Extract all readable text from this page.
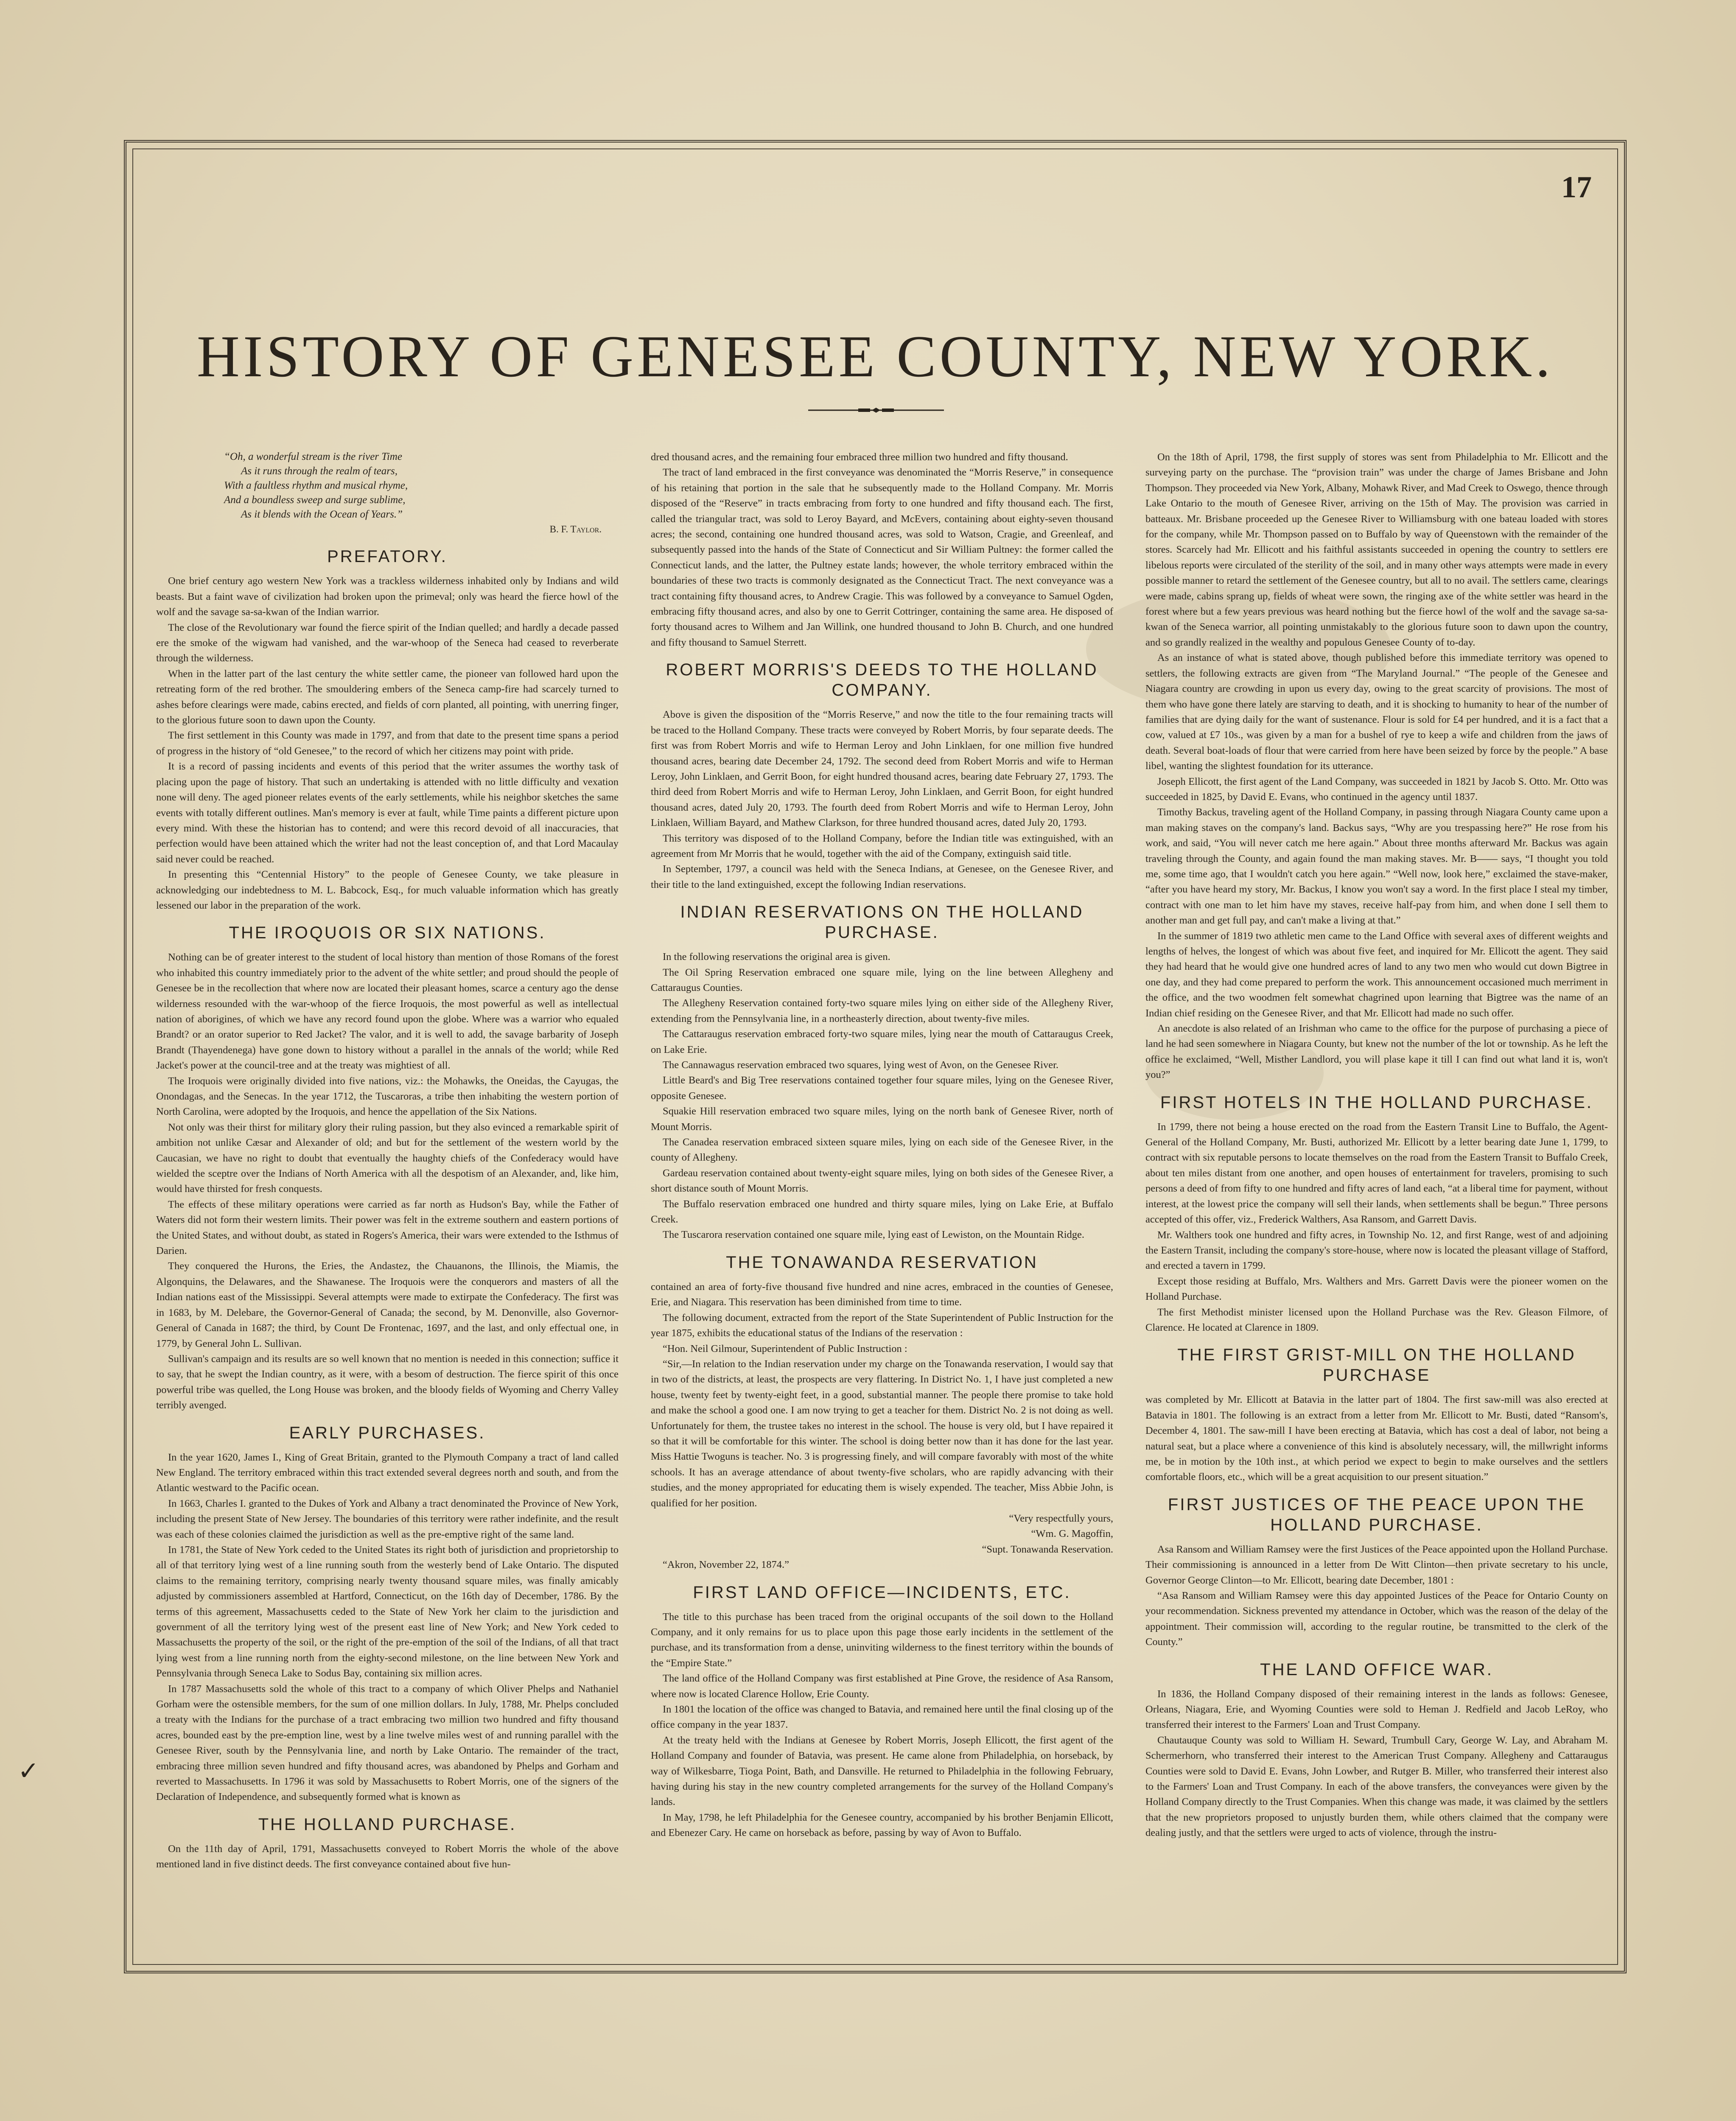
✓
17
HISTORY OF GENESEE COUNTY, NEW YORK.
“Oh, a wonderful stream is the river Time
As it runs through the realm of tears,
With a faultless rhythm and musical rhyme,
And a boundless sweep and surge sublime,
As it blends with the Ocean of Years.”
B. F. Taylor.
PREFATORY.

One brief century ago western New York was a trackless wilderness inhabited only by Indians and wild beasts. But a faint wave of civilization had broken upon the primeval; only was heard the fierce howl of the wolf and the savage sa-sa-kwan of the Indian warrior.

The close of the Revolutionary war found the fierce spirit of the Indian quelled; and hardly a decade passed ere the smoke of the wigwam had vanished, and the war-whoop of the Seneca had ceased to reverberate through the wilderness.

When in the latter part of the last century the white settler came, the pioneer van followed hard upon the retreating form of the red brother. The smouldering embers of the Seneca camp-fire had scarcely turned to ashes before clearings were made, cabins erected, and fields of corn planted, all pointing, with unerring finger, to the glorious future soon to dawn upon the County.

The first settlement in this County was made in 1797, and from that date to the present time spans a period of progress in the history of “old Genesee,” to the record of which her citizens may point with pride.

It is a record of passing incidents and events of this period that the writer assumes the worthy task of placing upon the page of history. That such an undertaking is attended with no little difficulty and vexation none will deny. The aged pioneer relates events of the early settlements, while his neighbor sketches the same events with totally different outlines. Man's memory is ever at fault, while Time paints a different picture upon every mind. With these the historian has to contend; and were this record devoid of all inaccuracies, that perfection would have been attained which the writer had not the least conception of, and that Lord Macaulay said never could be reached.

In presenting this “Centennial History” to the people of Genesee County, we take pleasure in acknowledging our indebtedness to M. L. Babcock, Esq., for much valuable information which has greatly lessened our labor in the preparation of the work.

THE IROQUOIS OR SIX NATIONS.

Nothing can be of greater interest to the student of local history than mention of those Romans of the forest who inhabited this country immediately prior to the advent of the white settler; and proud should the people of Genesee be in the recollection that where now are located their pleasant homes, scarce a century ago the dense wilderness resounded with the war-whoop of the fierce Iroquois, the most powerful as well as intellectual nation of aborigines, of which we have any record found upon the globe. Where was a warrior who equaled Brandt? or an orator superior to Red Jacket? The valor, and it is well to add, the savage barbarity of Joseph Brandt (Thayendenega) have gone down to history without a parallel in the annals of the world; while Red Jacket's power at the council-tree and at the treaty was mightiest of all.

The Iroquois were originally divided into five nations, viz.: the Mohawks, the Oneidas, the Cayugas, the Onondagas, and the Senecas. In the year 1712, the Tuscaroras, a tribe then inhabiting the western portion of North Carolina, were adopted by the Iroquois, and hence the appellation of the Six Nations.

Not only was their thirst for military glory their ruling passion, but they also evinced a remarkable spirit of ambition not unlike Cæsar and Alexander of old; and but for the settlement of the western world by the Caucasian, we have no right to doubt that eventually the haughty chiefs of the Confederacy would have wielded the sceptre over the Indians of North America with all the despotism of an Alexander, and, like him, would have thirsted for fresh conquests.

The effects of these military operations were carried as far north as Hudson's Bay, while the Father of Waters did not form their western limits. Their power was felt in the extreme southern and eastern portions of the United States, and without doubt, as stated in Rogers's America, their wars were extended to the Isthmus of Darien.

They conquered the Hurons, the Eries, the Andastez, the Chauanons, the Illinois, the Miamis, the Algonquins, the Delawares, and the Shawanese. The Iroquois were the conquerors and masters of all the Indian nations east of the Mississippi. Several attempts were made to extirpate the Confederacy. The first was in 1683, by M. Delebare, the Governor-General of Canada; the second, by M. Denonville, also Governor-General of Canada in 1687; the third, by Count De Frontenac, 1697, and the last, and only effectual one, in 1779, by General John L. Sullivan.

Sullivan's campaign and its results are so well known that no mention is needed in this connection; suffice it to say, that he swept the Indian country, as it were, with a besom of destruction. The fierce spirit of this once powerful tribe was quelled, the Long House was broken, and the bloody fields of Wyoming and Cherry Valley terribly avenged.

EARLY PURCHASES.

In the year 1620, James I., King of Great Britain, granted to the Plymouth Company a tract of land called New England. The territory embraced within this tract extended several degrees north and south, and from the Atlantic westward to the Pacific ocean.

In 1663, Charles I. granted to the Dukes of York and Albany a tract denominated the Province of New York, including the present State of New Jersey. The boundaries of this territory were rather indefinite, and the result was each of these colonies claimed the jurisdiction as well as the pre-emptive right of the same land.

In 1781, the State of New York ceded to the United States its right both of jurisdiction and proprietorship to all of that territory lying west of a line running south from the westerly bend of Lake Ontario. The disputed claims to the remaining territory, comprising nearly twenty thousand square miles, was finally amicably adjusted by commissioners assembled at Hartford, Connecticut, on the 16th day of December, 1786. By the terms of this agreement, Massachusetts ceded to the State of New York her claim to the jurisdiction and government of all the territory lying west of the present east line of New York; and New York ceded to Massachusetts the property of the soil, or the right of the pre-emption of the soil of the Indians, of all that tract lying west from a line running north from the eighty-second milestone, on the line between New York and Pennsylvania through Seneca Lake to Sodus Bay, containing six million acres.

In 1787 Massachusetts sold the whole of this tract to a company of which Oliver Phelps and Nathaniel Gorham were the ostensible members, for the sum of one million dollars. In July, 1788, Mr. Phelps concluded a treaty with the Indians for the purchase of a tract embracing two million two hundred and fifty thousand acres, bounded east by the pre-emption line, west by a line twelve miles west of and running parallel with the Genesee River, south by the Pennsylvania line, and north by Lake Ontario. The remainder of the tract, embracing three million seven hundred and fifty thousand acres, was abandoned by Phelps and Gorham and reverted to Massachusetts. In 1796 it was sold by Massachusetts to Robert Morris, one of the signers of the Declaration of Independence, and subsequently formed what is known as

THE HOLLAND PURCHASE.

On the 11th day of April, 1791, Massachusetts conveyed to Robert Morris the whole of the above mentioned land in five distinct deeds. The first conveyance contained about five hun-

dred thousand acres, and the remaining four embraced three million two hundred and fifty thousand.

The tract of land embraced in the first conveyance was denominated the “Morris Reserve,” in consequence of his retaining that portion in the sale that he subsequently made to the Holland Company. Mr. Morris disposed of the “Reserve” in tracts embracing from forty to one hundred and fifty thousand each. The first, called the triangular tract, was sold to Leroy Bayard, and McEvers, containing about eighty-seven thousand acres; the second, containing one hundred thousand acres, was sold to Watson, Cragie, and Greenleaf, and subsequently passed into the hands of the State of Connecticut and Sir William Pultney: the former called the Connecticut lands, and the latter, the Pultney estate lands; however, the whole territory embraced within the boundaries of these two tracts is commonly designated as the Connecticut Tract. The next conveyance was a tract containing fifty thousand acres, to Andrew Cragie. This was followed by a conveyance to Samuel Ogden, embracing fifty thousand acres, and also by one to Gerrit Cottringer, containing the same area. He disposed of forty thousand acres to Wilhem and Jan Willink, one hundred thousand to John B. Church, and one hundred and fifty thousand to Samuel Sterrett.

ROBERT MORRIS'S DEEDS TO THE HOLLAND COMPANY.

Above is given the disposition of the “Morris Reserve,” and now the title to the four remaining tracts will be traced to the Holland Company. These tracts were conveyed by Robert Morris, by four separate deeds. The first was from Robert Morris and wife to Herman Leroy and John Linklaen, for one million five hundred thousand acres, bearing date December 24, 1792. The second deed from Robert Morris and wife to Herman Leroy, John Linklaen, and Gerrit Boon, for eight hundred thousand acres, bearing date February 27, 1793. The third deed from Robert Morris and wife to Herman Leroy, John Linklaen, and Gerrit Boon, for eight hundred thousand acres, dated July 20, 1793. The fourth deed from Robert Morris and wife to Herman Leroy, John Linklaen, William Bayard, and Mathew Clarkson, for three hundred thousand acres, dated July 20, 1793.

This territory was disposed of to the Holland Company, before the Indian title was extinguished, with an agreement from Mr Morris that he would, together with the aid of the Company, extinguish said title.

In September, 1797, a council was held with the Seneca Indians, at Genesee, on the Genesee River, and their title to the land extinguished, except the following Indian reservations.

INDIAN RESERVATIONS ON THE HOLLAND PURCHASE.

In the following reservations the original area is given.

The Oil Spring Reservation embraced one square mile, lying on the line between Allegheny and Cattaraugus Counties.

The Allegheny Reservation contained forty-two square miles lying on either side of the Allegheny River, extending from the Pennsylvania line, in a northeasterly direction, about twenty-five miles.

The Cattaraugus reservation embraced forty-two square miles, lying near the mouth of Cattaraugus Creek, on Lake Erie.

The Cannawagus reservation embraced two squares, lying west of Avon, on the Genesee River.

Little Beard's and Big Tree reservations contained together four square miles, lying on the Genesee River, opposite Genesee.

Squakie Hill reservation embraced two square miles, lying on the north bank of Genesee River, north of Mount Morris.

The Canadea reservation embraced sixteen square miles, lying on each side of the Genesee River, in the county of Allegheny.

Gardeau reservation contained about twenty-eight square miles, lying on both sides of the Genesee River, a short distance south of Mount Morris.

The Buffalo reservation embraced one hundred and thirty square miles, lying on Lake Erie, at Buffalo Creek.

The Tuscarora reservation contained one square mile, lying east of Lewiston, on the Mountain Ridge.

THE TONAWANDA RESERVATION

contained an area of forty-five thousand five hundred and nine acres, embraced in the counties of Genesee, Erie, and Niagara. This reservation has been diminished from time to time.

The following document, extracted from the report of the State Superintendent of Public Instruction for the year 1875, exhibits the educational status of the Indians of the reservation :

“Hon. Neil Gilmour, Superintendent of Public Instruction :

“Sir,—In relation to the Indian reservation under my charge on the Tonawanda reservation, I would say that in two of the districts, at least, the prospects are very flattering. In District No. 1, I have just completed a new house, twenty feet by twenty-eight feet, in a good, substantial manner. The people there promise to take hold and make the school a good one. I am now trying to get a teacher for them. District No. 2 is not doing as well. Unfortunately for them, the trustee takes no interest in the school. The house is very old, but I have repaired it so that it will be comfortable for this winter. The school is doing better now than it has done for the last year. Miss Hattie Twoguns is teacher. No. 3 is progressing finely, and will compare favorably with most of the white schools. It has an average attendance of about twenty-five scholars, who are rapidly advancing with their studies, and the money appropriated for educating them is wisely expended. The teacher, Miss Abbie John, is qualified for her position.

“Very respectfully yours,

“Wm. G. Magoffin,

“Supt. Tonawanda Reservation.

“Akron, November 22, 1874.”

FIRST LAND OFFICE—INCIDENTS, ETC.

The title to this purchase has been traced from the original occupants of the soil down to the Holland Company, and it only remains for us to place upon this page those early incidents in the settlement of the purchase, and its transformation from a dense, uninviting wilderness to the finest territory within the bounds of the “Empire State.”

The land office of the Holland Company was first established at Pine Grove, the residence of Asa Ransom, where now is located Clarence Hollow, Erie County.

In 1801 the location of the office was changed to Batavia, and remained here until the final closing up of the office company in the year 1837.

At the treaty held with the Indians at Genesee by Robert Morris, Joseph Ellicott, the first agent of the Holland Company and founder of Batavia, was present. He came alone from Philadelphia, on horseback, by way of Wilkesbarre, Tioga Point, Bath, and Dansville. He returned to Philadelphia in the following February, having during his stay in the new country completed arrangements for the survey of the Holland Company's lands.

In May, 1798, he left Philadelphia for the Genesee country, accompanied by his brother Benjamin Ellicott, and Ebenezer Cary. He came on horseback as before, passing by way of Avon to Buffalo.

On the 18th of April, 1798, the first supply of stores was sent from Philadelphia to Mr. Ellicott and the surveying party on the purchase. The “provision train” was under the charge of James Brisbane and John Thompson. They proceeded via New York, Albany, Mohawk River, and Mad Creek to Oswego, thence through Lake Ontario to the mouth of Genesee River, arriving on the 15th of May. The provision was carried in batteaux. Mr. Brisbane proceeded up the Genesee River to Williamsburg with one bateau loaded with stores for the company, while Mr. Thompson passed on to Buffalo by way of Queenstown with the remainder of the stores. Scarcely had Mr. Ellicott and his faithful assistants succeeded in opening the country to settlers ere libelous reports were circulated of the sterility of the soil, and in many other ways attempts were made in every possible manner to retard the settlement of the Genesee country, but all to no avail. The settlers came, clearings were made, cabins sprang up, fields of wheat were sown, the ringing axe of the white settler was heard in the forest where but a few years previous was heard nothing but the fierce howl of the wolf and the savage sa-sa-kwan of the Seneca warrior, all pointing unmistakably to the glorious future soon to dawn upon the country, and so grandly realized in the wealthy and populous Genesee County of to-day.

As an instance of what is stated above, though published before this immediate territory was opened to settlers, the following extracts are given from “The Maryland Journal.” “The people of the Genesee and Niagara country are crowding in upon us every day, owing to the great scarcity of provisions. The most of them who have gone there lately are starving to death, and it is shocking to humanity to hear of the number of families that are dying daily for the want of sustenance. Flour is sold for £4 per hundred, and it is a fact that a cow, valued at £7 10s., was given by a man for a bushel of rye to keep a wife and children from the jaws of death. Several boat-loads of flour that were carried from here have been seized by force by the people.” A base libel, wanting the slightest foundation for its utterance.

Joseph Ellicott, the first agent of the Land Company, was succeeded in 1821 by Jacob S. Otto. Mr. Otto was succeeded in 1825, by David E. Evans, who continued in the agency until 1837.

Timothy Backus, traveling agent of the Holland Company, in passing through Niagara County came upon a man making staves on the company's land. Backus says, “Why are you trespassing here?” He rose from his work, and said, “You will never catch me here again.” About three months afterward Mr. Backus was again traveling through the County, and again found the man making staves. Mr. B—— says, “I thought you told me, some time ago, that I wouldn't catch you here again.” “Well now, look here,” exclaimed the stave-maker, “after you have heard my story, Mr. Backus, I know you won't say a word. In the first place I steal my timber, contract with one man to let him have my staves, receive half-pay from him, and when done I sell them to another man and get full pay, and can't make a living at that.”

In the summer of 1819 two athletic men came to the Land Office with several axes of different weights and lengths of helves, the longest of which was about five feet, and inquired for Mr. Ellicott the agent. They said they had heard that he would give one hundred acres of land to any two men who would cut down Bigtree in one day, and they had come prepared to perform the work. This announcement occasioned much merriment in the office, and the two woodmen felt somewhat chagrined upon learning that Bigtree was the name of an Indian chief residing on the Genesee River, and that Mr. Ellicott had made no such offer.

An anecdote is also related of an Irishman who came to the office for the purpose of purchasing a piece of land he had seen somewhere in Niagara County, but knew not the number of the lot or township. As he left the office he exclaimed, “Well, Misther Landlord, you will plase kape it till I can find out what land it is, won't you?”

FIRST HOTELS IN THE HOLLAND PURCHASE.

In 1799, there not being a house erected on the road from the Eastern Transit Line to Buffalo, the Agent-General of the Holland Company, Mr. Busti, authorized Mr. Ellicott by a letter bearing date June 1, 1799, to contract with six reputable persons to locate themselves on the road from the Eastern Transit to Buffalo Creek, about ten miles distant from one another, and open houses of entertainment for travelers, promising to such persons a deed of from fifty to one hundred and fifty acres of land each, “at a liberal time for payment, without interest, at the lowest price the company will sell their lands, when settlements shall be begun.” Three persons accepted of this offer, viz., Frederick Walthers, Asa Ransom, and Garrett Davis.

Mr. Walthers took one hundred and fifty acres, in Township No. 12, and first Range, west of and adjoining the Eastern Transit, including the company's store-house, where now is located the pleasant village of Stafford, and erected a tavern in 1799.

Except those residing at Buffalo, Mrs. Walthers and Mrs. Garrett Davis were the pioneer women on the Holland Purchase.

The first Methodist minister licensed upon the Holland Purchase was the Rev. Gleason Filmore, of Clarence. He located at Clarence in 1809.

THE FIRST GRIST-MILL ON THE HOLLAND PURCHASE

was completed by Mr. Ellicott at Batavia in the latter part of 1804. The first saw-mill was also erected at Batavia in 1801. The following is an extract from a letter from Mr. Ellicott to Mr. Busti, dated “Ransom's, December 4, 1801. The saw-mill I have been erecting at Batavia, which has cost a deal of labor, not being a natural seat, but a place where a convenience of this kind is absolutely necessary, will, the millwright informs me, be in motion by the 10th inst., at which period we expect to begin to make ourselves and the settlers comfortable floors, etc., which will be a great acquisition to our present situation.”

FIRST JUSTICES OF THE PEACE UPON THE HOLLAND PURCHASE.

Asa Ransom and William Ramsey were the first Justices of the Peace appointed upon the Holland Purchase. Their commissioning is announced in a letter from De Witt Clinton—then private secretary to his uncle, Governor George Clinton—to Mr. Ellicott, bearing date December, 1801 :

“Asa Ransom and William Ramsey were this day appointed Justices of the Peace for Ontario County on your recommendation. Sickness prevented my attendance in October, which was the reason of the delay of the appointment. Their commission will, according to the regular routine, be transmitted to the clerk of the County.”

THE LAND OFFICE WAR.

In 1836, the Holland Company disposed of their remaining interest in the lands as follows: Genesee, Orleans, Niagara, Erie, and Wyoming Counties were sold to Heman J. Redfield and Jacob LeRoy, who transferred their interest to the Farmers' Loan and Trust Company.

Chautauque County was sold to William H. Seward, Trumbull Cary, George W. Lay, and Abraham M. Schermerhorn, who transferred their interest to the American Trust Company. Allegheny and Cattaraugus Counties were sold to David E. Evans, John Lowber, and Rutger B. Miller, who transferred their interest also to the Farmers' Loan and Trust Company. In each of the above transfers, the conveyances were given by the Holland Company directly to the Trust Companies. When this change was made, it was claimed by the settlers that the new proprietors proposed to unjustly burden them, while others claimed that the company were dealing justly, and that the settlers were urged to acts of violence, through the instru-
